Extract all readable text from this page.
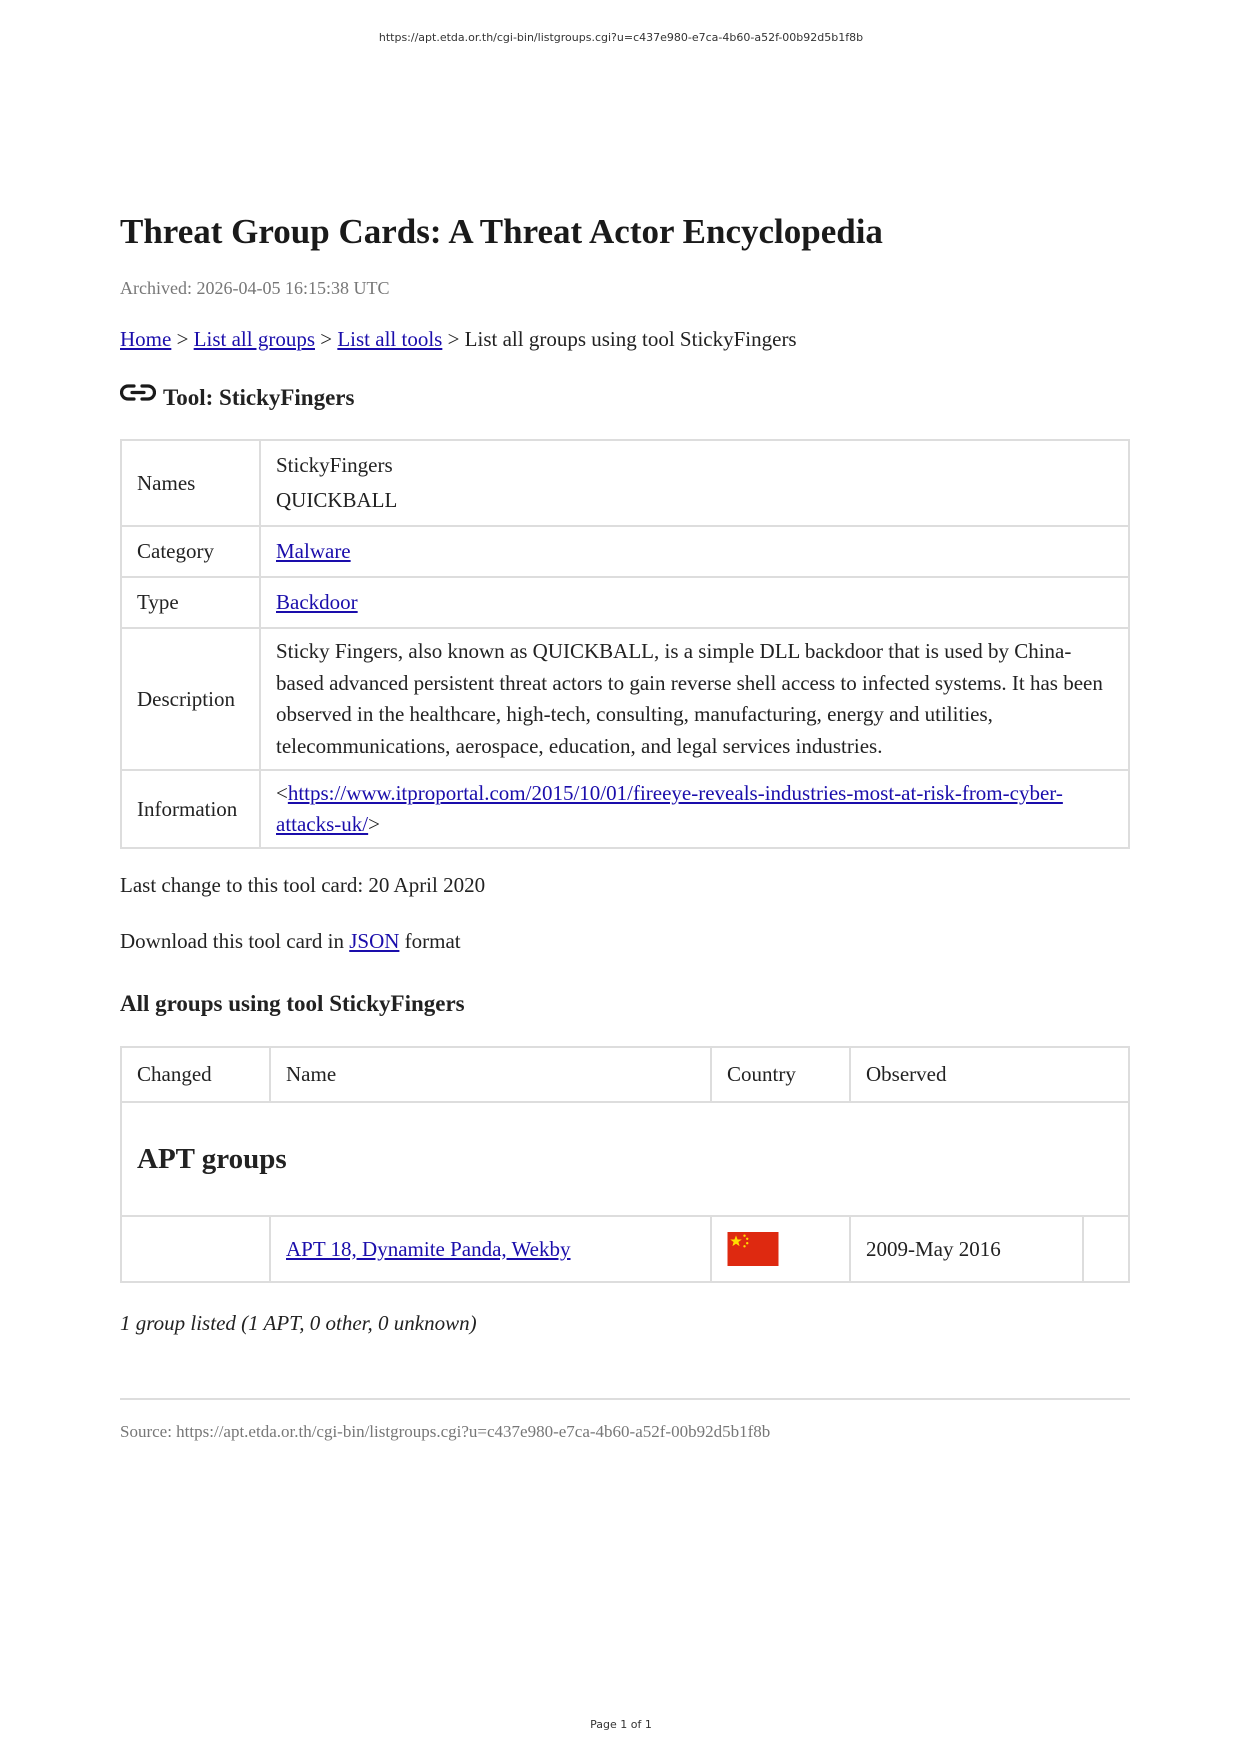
https://apt.etda.or.th/cgi-bin/listgroups.cgi?u=c437e980-e7ca-4b60-a52f-00b92d5b1f8b
Threat Group Cards: A Threat Actor Encyclopedia
Archived: 2026-04-05 16:15:38 UTC
Home > List all groups > List all tools > List all groups using tool StickyFingers
Tool: StickyFingers
Names	StickyFingers
QUICKBALL

Category	Malware
Type	Backdoor
Description	Sticky Fingers, also known as QUICKBALL, is a simple DLL backdoor that is used by China-based advanced persistent threat actors to gain reverse shell access to infected systems. It has been observed in the healthcare, high-tech, consulting, manufacturing, energy and utilities, telecommunications, aerospace, education, and legal services industries.
Information	<https://www.itproportal.com/2015/10/01/fireeye-reveals-industries-most-at-risk-from-cyber-attacks-uk/>
Last change to this tool card: 20 April 2020
Download this tool card in JSON format
All groups using tool StickyFingers
Changed	Name	Country	Observed	
APT groups				
	APT 18, Dynamite Panda, Wekby		2009-May 2016	
1 group listed (1 APT, 0 other, 0 unknown)
Source: https://apt.etda.or.th/cgi-bin/listgroups.cgi?u=c437e980-e7ca-4b60-a52f-00b92d5b1f8b
Page 1 of 1
